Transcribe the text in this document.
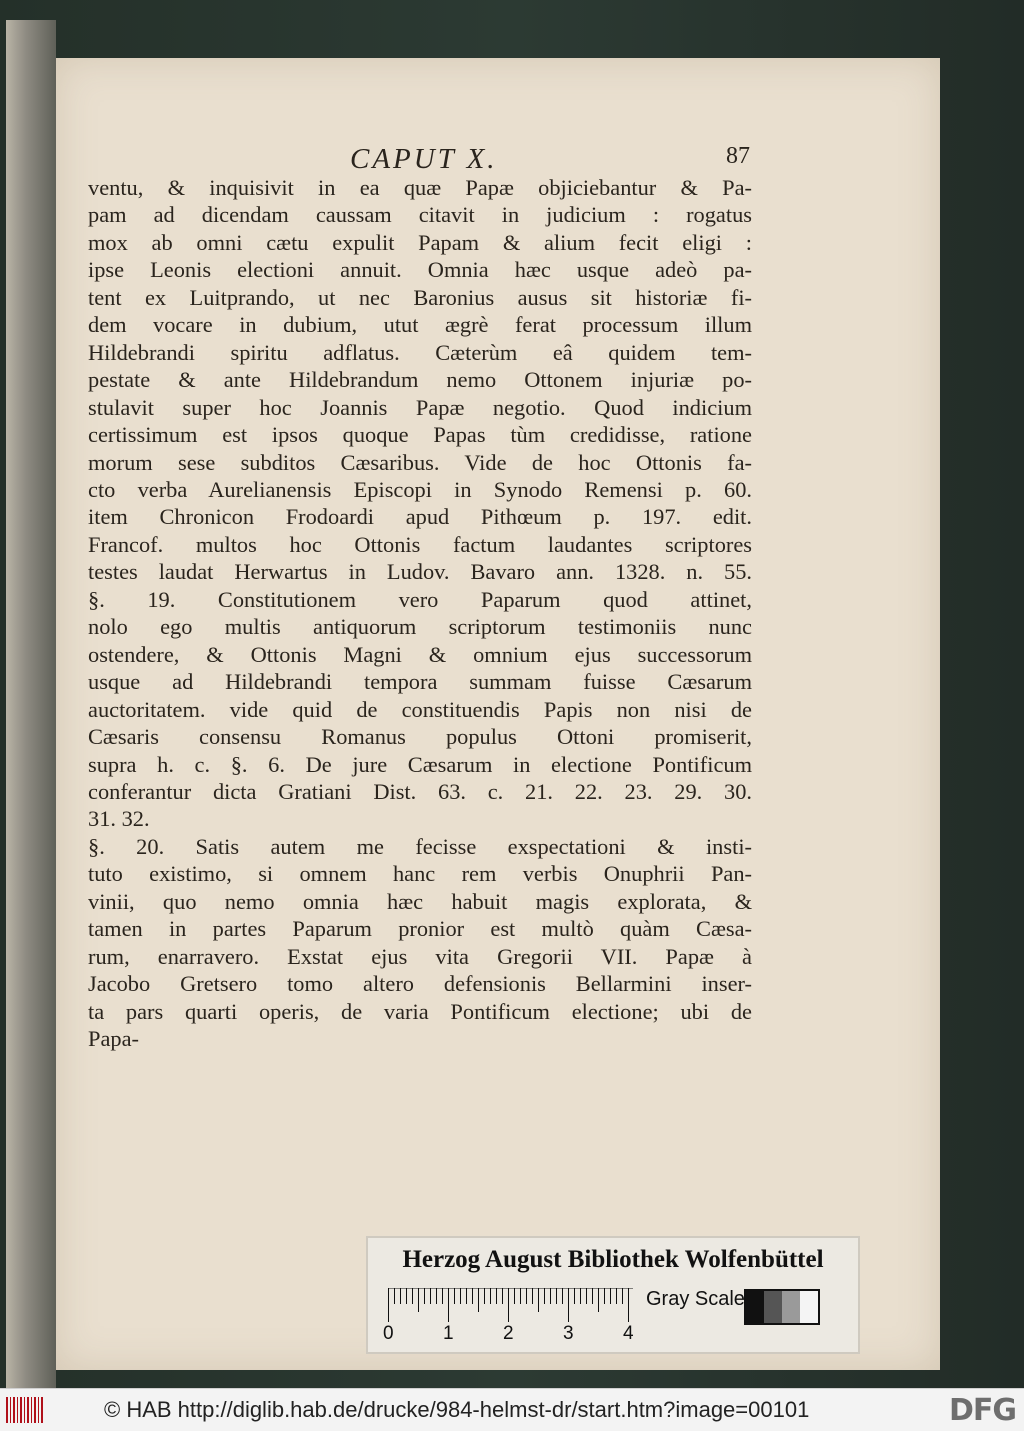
CAPUT X.	87
ventu, & inquisivit in ea quæ Papæ objiciebantur & Pa-
pam ad dicendam caussam citavit in judicium : rogatus
mox ab omni cætu expulit Papam & alium fecit eligi :
ipse Leonis electioni annuit. Omnia hæc usque adeò pa-
tent ex Luitprando, ut nec Baronius ausus sit historiæ fi-
dem vocare in dubium, utut ægrè ferat processum illum
Hildebrandi spiritu adflatus. Cæterùm eâ quidem tem-
pestate & ante Hildebrandum nemo Ottonem injuriæ po-
stulavit super hoc Joannis Papæ negotio. Quod indicium
certissimum est ipsos quoque Papas tùm credidisse, ratione
morum sese subditos Cæsaribus. Vide de hoc Ottonis fa-
cto verba Aurelianensis Episcopi in Synodo Remensi p. 60.
item Chronicon Frodoardi apud Pithœum p. 197. edit.
Francof. multos hoc Ottonis factum laudantes scriptores
testes laudat Herwartus in Ludov. Bavaro ann. 1328. n. 55.
§. 19. Constitutionem vero Paparum quod attinet,
nolo ego multis antiquorum scriptorum testimoniis nunc
ostendere, & Ottonis Magni & omnium ejus successorum
usque ad Hildebrandi tempora summam fuisse Cæsarum
auctoritatem. vide quid de constituendis Papis non nisi de
Cæsaris consensu Romanus populus Ottoni promiserit,
supra h. c. §. 6. De jure Cæsarum in electione Pontificum
conferantur dicta Gratiani Dist. 63. c. 21. 22. 23. 29. 30.
31. 32.
§. 20. Satis autem me fecisse exspectationi & insti-
tuto existimo, si omnem hanc rem verbis Onuphrii Pan-
vinii, quo nemo omnia hæc habuit magis explorata, &
tamen in partes Paparum pronior est multò quàm Cæsa-
rum, enarravero. Exstat ejus vita Gregorii VII. Papæ à
Jacobo Gretsero tomo altero defensionis Bellarmini inser-
ta pars quarti operis, de varia Pontificum electione; ubi de
Papa-
Herzog August Bibliothek Wolfenbüttel
0	1	2	3	4
Gray Scale
© HAB http://diglib.hab.de/drucke/984-helmst-dr/start.htm?image=00101	DFG
